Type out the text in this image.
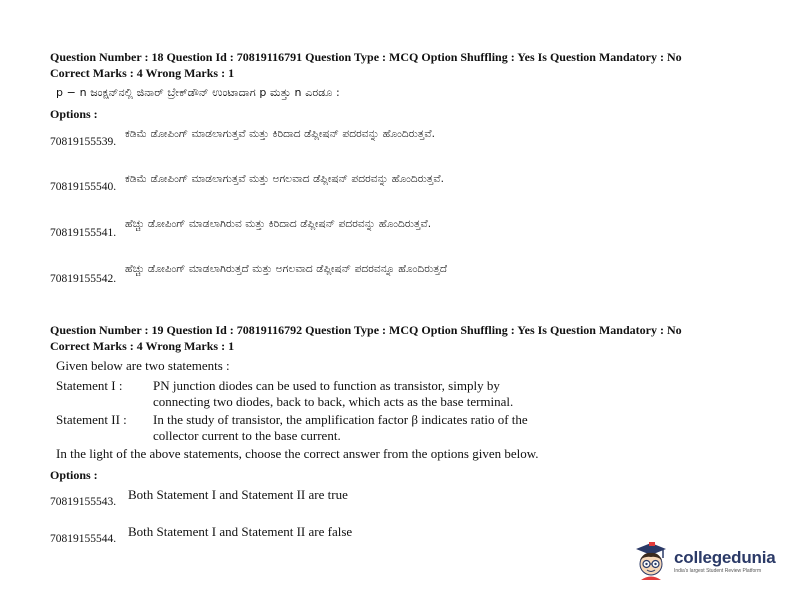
Question Number : 18 Question Id : 70819116791 Question Type : MCQ Option Shuffling : Yes Is Question Mandatory : No
Correct Marks : 4 Wrong Marks : 1
p − n ಜಂಕ್ಷನ್‌ನಲ್ಲಿ ಜಿನಾರ್ ಬ್ರೇಕ್‌ಡೌನ್ ಉಂಟಾದಾಗ p ಮತ್ತು n ಎರಡೂ :
Options :
70819155539.
ಕಡಿಮೆ ಡೋಪಿಂಗ್ ಮಾಡಲಾಗುತ್ತವೆ ಮತ್ತು ಕಿರಿದಾದ ಡೆಪ್ಲೀಷನ್ ಪದರವನ್ನು ಹೊಂದಿರುತ್ತವೆ.
70819155540.
ಕಡಿಮೆ ಡೋಪಿಂಗ್ ಮಾಡಲಾಗುತ್ತವೆ ಮತ್ತು ಅಗಲವಾದ ಡೆಪ್ಲೀಷನ್ ಪದರವನ್ನು ಹೊಂದಿರುತ್ತವೆ.
70819155541.
ಹೆಚ್ಚು ಡೋಪಿಂಗ್ ಮಾಡಲಾಗಿರುವ ಮತ್ತು ಕಿರಿದಾದ ಡೆಪ್ಲೀಷನ್ ಪದರವನ್ನು ಹೊಂದಿರುತ್ತವೆ.
70819155542.
ಹೆಚ್ಚು ಡೋಪಿಂಗ್ ಮಾಡಲಾಗಿರುತ್ತದೆ ಮತ್ತು ಅಗಲವಾದ ಡೆಪ್ಲೀಷನ್ ಪದರವನ್ನೂ ಹೊಂದಿರುತ್ತದೆ
Question Number : 19 Question Id : 70819116792 Question Type : MCQ Option Shuffling : Yes Is Question Mandatory : No
Correct Marks : 4 Wrong Marks : 1
Given below are two statements :
Statement I : PN junction diodes can be used to function as transistor, simply by
connecting two diodes, back to back, which acts as the base terminal.
Statement II : In the study of transistor, the amplification factor β indicates ratio of the
collector current to the base current.
In the light of the above statements, choose the correct answer from the options given below.
Options :
70819155543. Both Statement I and Statement II are true
70819155544. Both Statement I and Statement II are false
collegedunia
India's largest Student Review Platform
